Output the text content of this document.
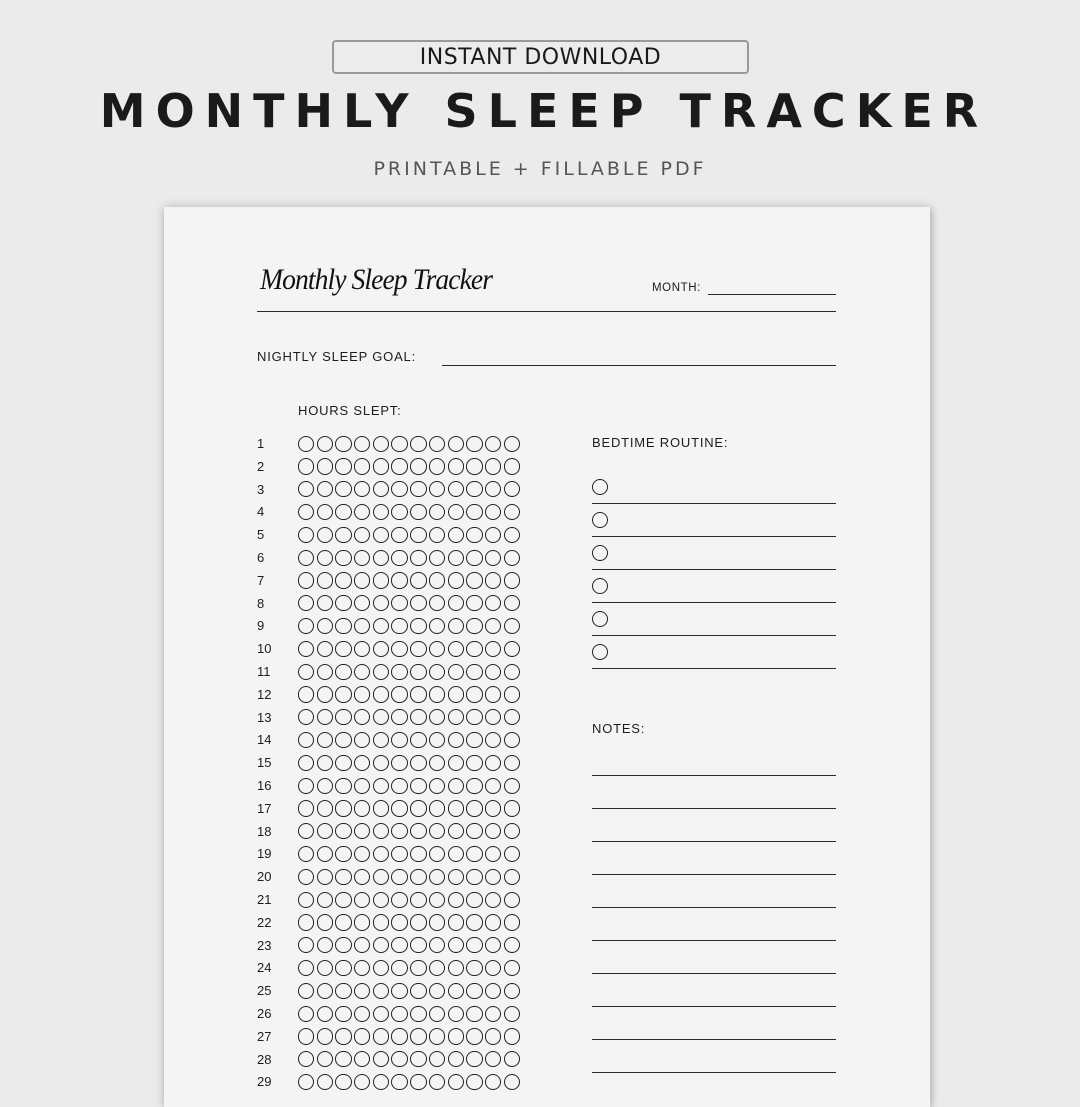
INSTANT DOWNLOAD
MONTHLY SLEEP TRACKER
PRINTABLE + FILLABLE PDF
Monthly Sleep Tracker	MONTH:
NIGHTLY SLEEP GOAL:
HOURS SLEPT:
1
2
3
4
5
6
7
8
9
10
11
12
13
14
15
16
17
18
19
20
21
22
23
24
25
26
27
28
29
BEDTIME ROUTINE:
NOTES:
